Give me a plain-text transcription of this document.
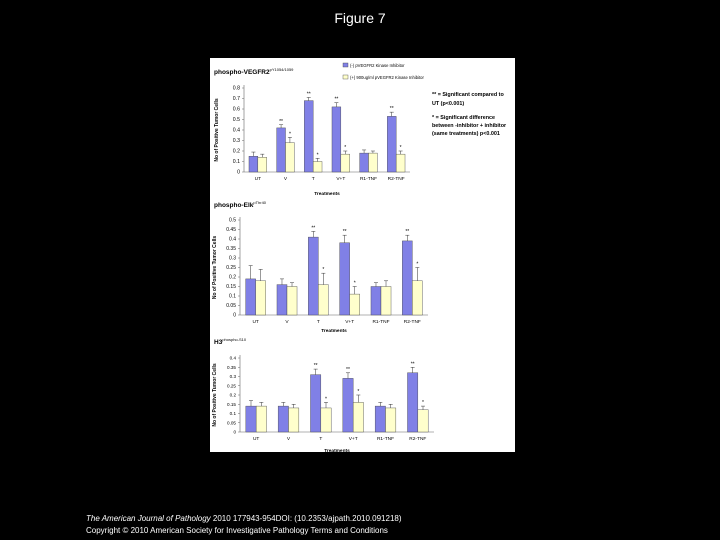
Figure 7
phospho-$VEGFR2^{pY1054/1059}$
No of Positive Tumor Cells
0
0.1
0.2
0.3
0.4
0.5
0.6
0.7
0.8
UT
**
*
V
**
*
T
**
*
V+T	R1-TNF
**
*
R2-TNF
Treatments
phospho-Elk$^{pThr40}$
No of Positive Tumor Cells
0
0.05
0.1
0.15
0.2
0.25
0.3
0.35
0.4
0.45
0.5
UT	V
**
*
T
**
*
V+T	R1-TNF
**
*
R2-TNF
Treatments
$H3^{phospho-S10}$
No of Positive Tumor Cells
0
0.05
0.1
0.15
0.2
0.25
0.3
0.35
0.4
UT	V
**
*
T
**
*
V+T	R1-TNF
**
*
R2-TNF
Treatments
(-) pVEGFR2 Kinase Inhibitor
(+) 900ug/ml pVEGFR2 Kinase Inhibitor
** = Significant compared to
UT (p<0.001)
* = Significant difference
between -inhibitor + inhibitor
(same treatments) p<0.001
The American Journal of Pathology 2010 177943-954DOI: (10.2353/ajpath.2010.091218)
Copyright © 2010 American Society for Investigative Pathology Terms and Conditions
